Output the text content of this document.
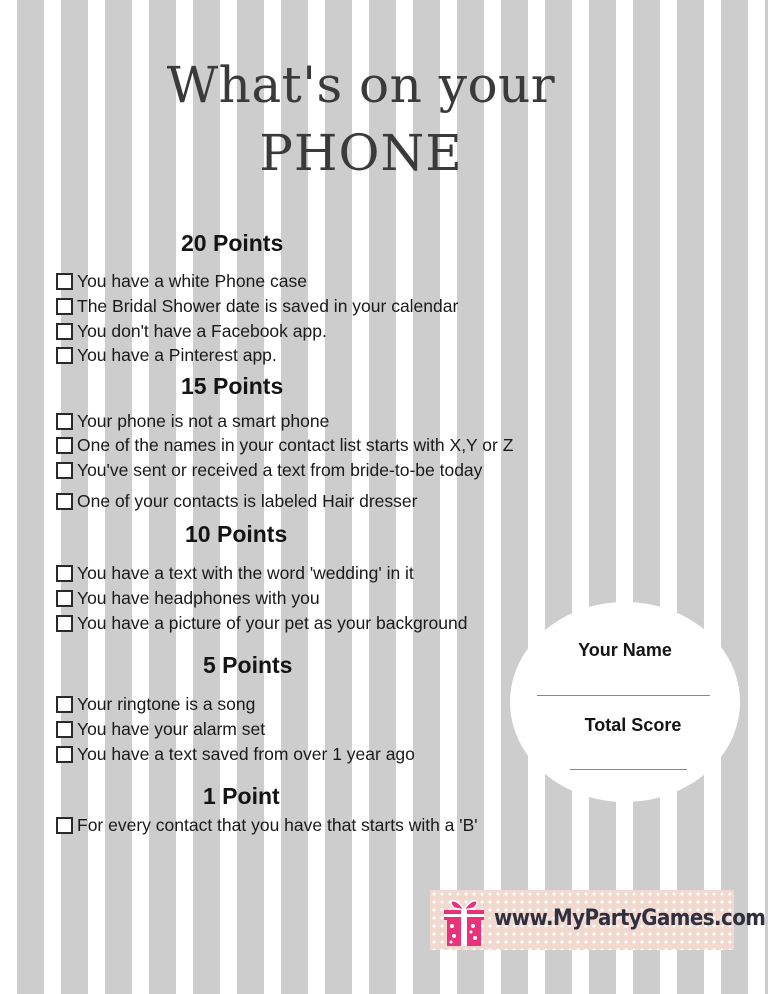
What's on your
PHONE
20 Points
You have a white Phone case
The Bridal Shower date is saved in your calendar
You don't have a Facebook app.
You have a Pinterest app.
15 Points
Your phone is not a smart phone
One of the names in your contact list starts with X,Y or Z
You've sent or received a text from bride-to-be today
One of your contacts is labeled Hair dresser
10 Points
You have a text with the word 'wedding' in it
You have headphones with you
You have a picture of your pet as your background
5 Points
Your ringtone is a song
You have your alarm set
You have a text saved from over 1 year ago
1 Point
For every contact that you have that starts with a 'B'
Your Name
Total Score
www.MyPartyGames.com
